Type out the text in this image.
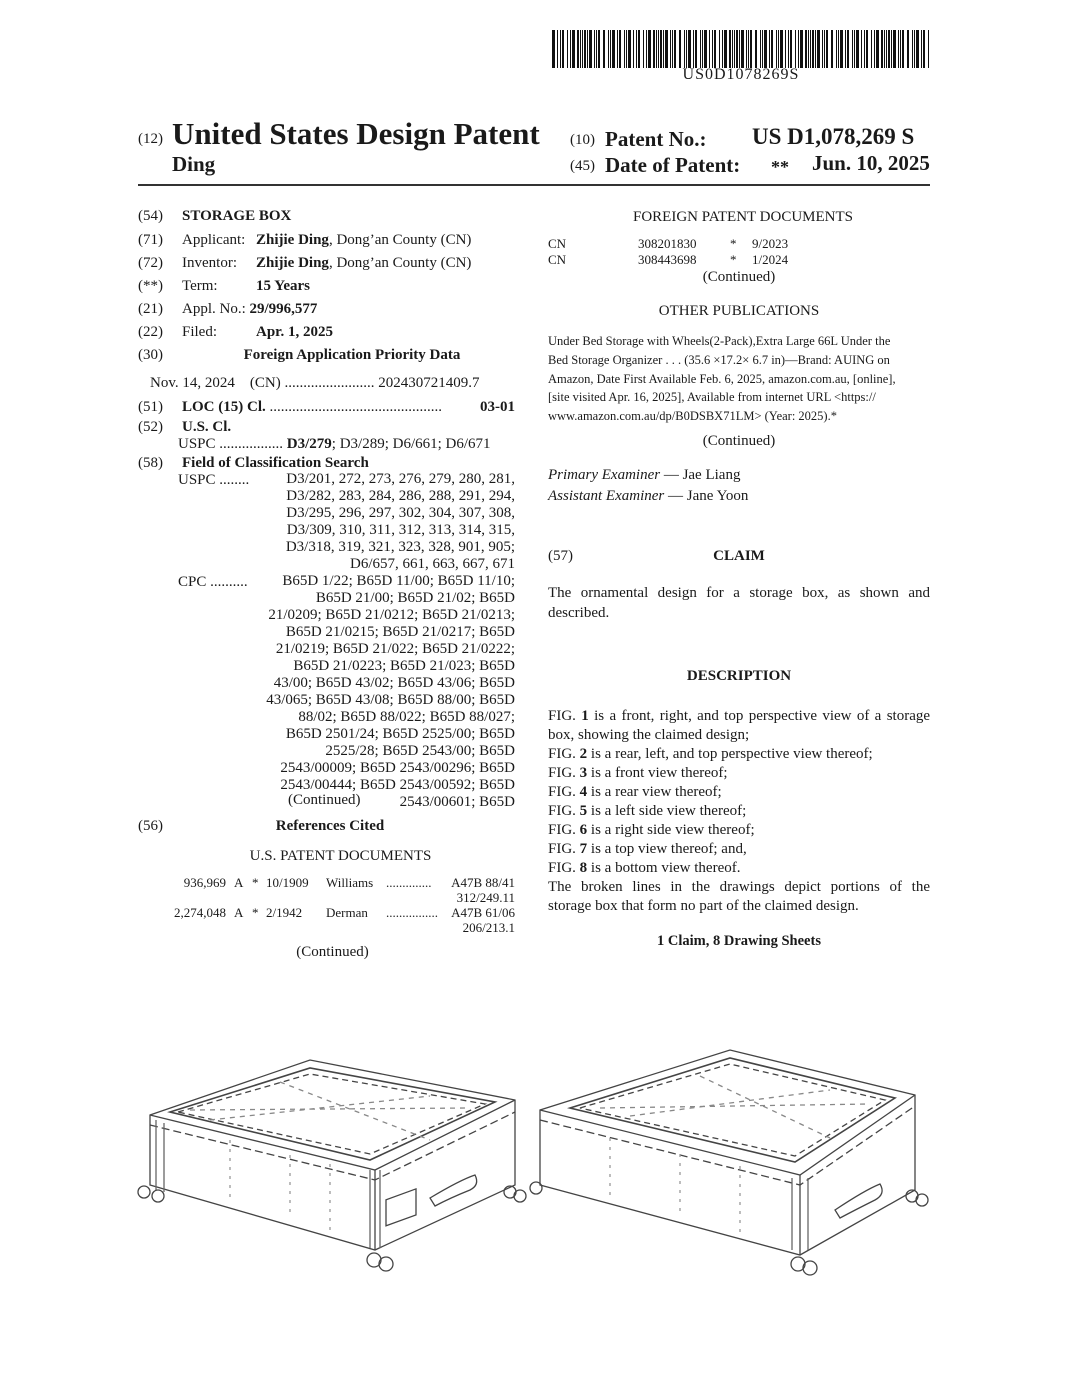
US0D1078269S
(12) United States Design Patent
Ding
(10) Patent No.: US D1,078,269 S
(45) Date of Patent: ** Jun. 10, 2025
(54) STORAGE BOX
(71) Applicant: Zhijie Ding, Dong’an County (CN)
(72) Inventor: Zhijie Ding, Dong’an County (CN)
(**) Term:	15 Years
(21) Appl. No.: 29/996,577
(22) Filed:	Apr. 1, 2025
(30)	Foreign Application Priority Data
Nov. 14, 2024 (CN) ........................ 202430721409.7
(51) LOC (15) Cl. ..............................................	03-01
(52) U.S. Cl.
USPC ................. D3/279; D3/289; D6/661; D6/671
(58) Field of Classification Search
USPC ........ D3/201, 272, 273, 276, 279, 280, 281,
D3/282, 283, 284, 286, 288, 291, 294,
D3/295, 296, 297, 302, 304, 307, 308,
D3/309, 310, 311, 312, 313, 314, 315,
D3/318, 319, 321, 323, 328, 901, 905;
D6/657, 661, 663, 667, 671
CPC ..........	B65D 1/22; B65D 11/00; B65D 11/10;
B65D 21/00; B65D 21/02; B65D
21/0209; B65D 21/0212; B65D 21/0213;
B65D 21/0215; B65D 21/0217; B65D
21/0219; B65D 21/022; B65D 21/0222;
B65D 21/0223; B65D 21/023; B65D
43/00; B65D 43/02; B65D 43/06; B65D
43/065; B65D 43/08; B65D 88/00; B65D
88/02; B65D 88/022; B65D 88/027;
B65D 2501/24; B65D 2525/00; B65D
2525/28; B65D 2543/00; B65D
2543/00009; B65D 2543/00296; B65D
2543/00444; B65D 2543/00592; B65D
2543/00601; B65D
(Continued)
(56)	References Cited
U.S. PATENT DOCUMENTS
936,969 A * 10/1909	Williams ..............	A47B 88/41
312/249.11
2,274,048 A * 2/1942	Derman	................	A47B 61/06
206/213.1
(Continued)
FOREIGN PATENT DOCUMENTS
CN	308201830	* 9/2023
CN	308443698	* 1/2024
(Continued)
OTHER PUBLICATIONS
Under Bed Storage with Wheels(2-Pack),Extra Large 66L Under the
Bed Storage Organizer . . . (35.6 ×17.2× 6.7 in)—Brand: AUING on
Amazon, Date First Available Feb. 6, 2025, amazon.com.au, [online],
[site visited Apr. 16, 2025], Available from internet URL <https://
www.amazon.com.au/dp/B0DSBX71LM> (Year: 2025).*
(Continued)
Primary Examiner — Jae Liang
Assistant Examiner — Jane Yoon
(57)	CLAIM
The ornamental design for a storage box, as shown and
described.
DESCRIPTION
FIG. 1 is a front, right, and top perspective view of a storage
box, showing the claimed design;
FIG. 2 is a rear, left, and top perspective view thereof;
FIG. 3 is a front view thereof;
FIG. 4 is a rear view thereof;
FIG. 5 is a left side view thereof;
FIG. 6 is a right side view thereof;
FIG. 7 is a top view thereof; and,
FIG. 8 is a bottom view thereof.
The broken lines in the drawings depict portions of the
storage box that form no part of the claimed design.
1 Claim, 8 Drawing Sheets
